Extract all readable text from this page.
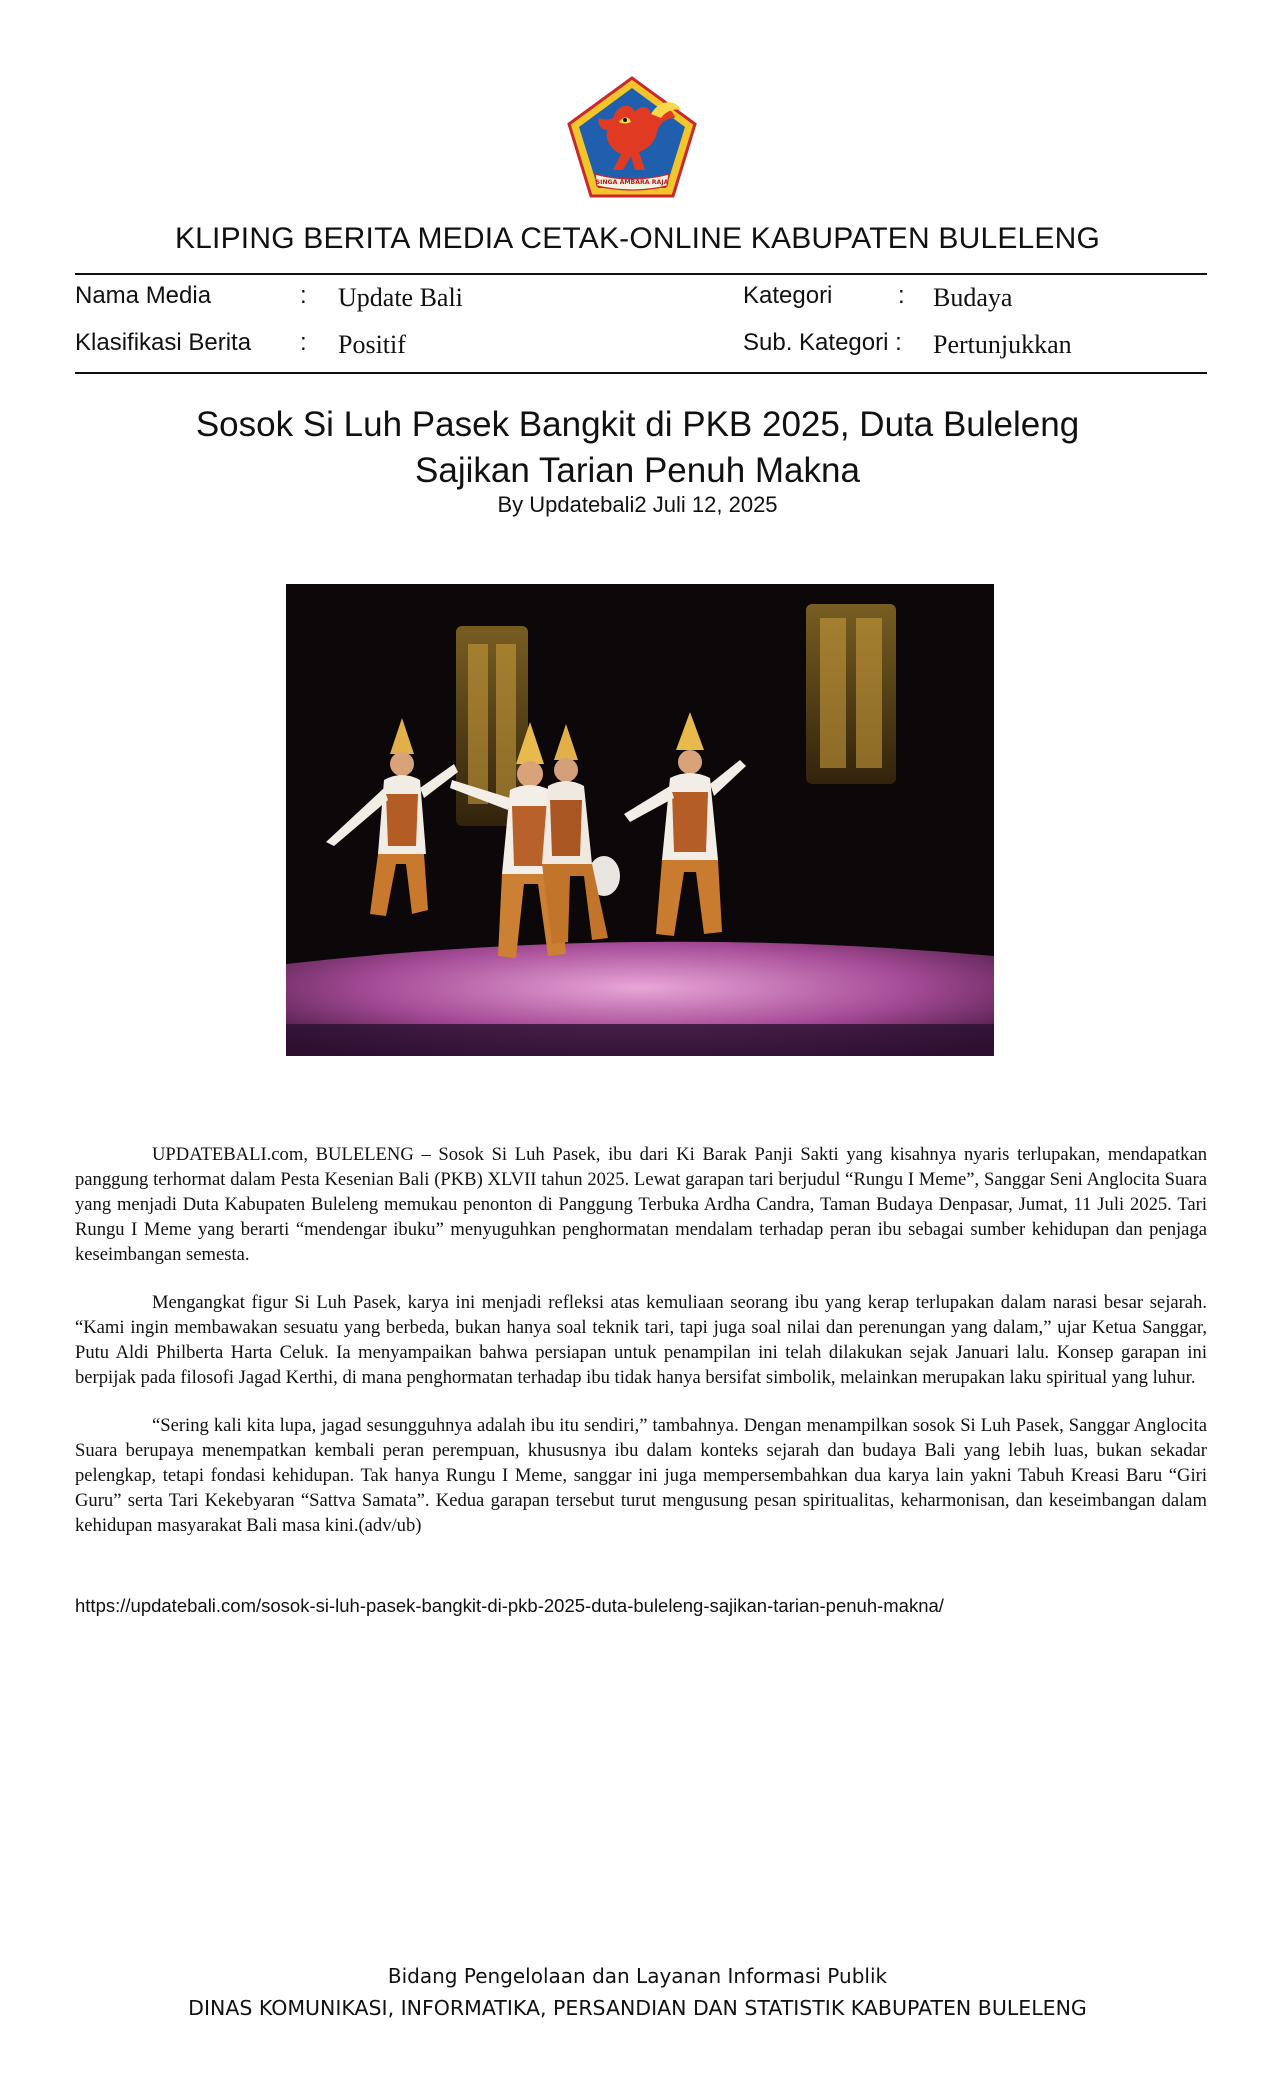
SINGA AMBARA RAJA
KLIPING BERITA MEDIA CETAK-ONLINE KABUPATEN BULELENG
Nama Media	: Update Bali	Kategori	: Budaya
Klasifikasi Berita : Positif	Sub. Kategori : Pertunjukkan
Sosok Si Luh Pasek Bangkit di PKB 2025, Duta Buleleng
Sajikan Tarian Penuh Makna
By Updatebali2 Juli 12, 2025

UPDATEBALI.com, BULELENG – Sosok Si Luh Pasek, ibu dari Ki Barak Panji Sakti yang kisahnya nyaris terlupakan, mendapatkan panggung terhormat dalam Pesta Kesenian Bali (PKB) XLVII tahun 2025. Lewat garapan tari berjudul “Rungu I Meme”, Sanggar Seni Anglocita Suara yang menjadi Duta Kabupaten Buleleng memukau penonton di Panggung Terbuka Ardha Candra, Taman Budaya Denpasar, Jumat, 11 Juli 2025. Tari Rungu I Meme yang berarti “mendengar ibuku” menyuguhkan penghormatan mendalam terhadap peran ibu sebagai sumber kehidupan dan penjaga keseimbangan semesta.

Mengangkat figur Si Luh Pasek, karya ini menjadi refleksi atas kemuliaan seorang ibu yang kerap terlupakan dalam narasi besar sejarah. “Kami ingin membawakan sesuatu yang berbeda, bukan hanya soal teknik tari, tapi juga soal nilai dan perenungan yang dalam,” ujar Ketua Sanggar, Putu Aldi Philberta Harta Celuk. Ia menyampaikan bahwa persiapan untuk penampilan ini telah dilakukan sejak Januari lalu. Konsep garapan ini berpijak pada filosofi Jagad Kerthi, di mana penghormatan terhadap ibu tidak hanya bersifat simbolik, melainkan merupakan laku spiritual yang luhur.

“Sering kali kita lupa, jagad sesungguhnya adalah ibu itu sendiri,” tambahnya. Dengan menampilkan sosok Si Luh Pasek, Sanggar Anglocita Suara berupaya menempatkan kembali peran perempuan, khususnya ibu dalam konteks sejarah dan budaya Bali yang lebih luas, bukan sekadar pelengkap, tetapi fondasi kehidupan. Tak hanya Rungu I Meme, sanggar ini juga mempersembahkan dua karya lain yakni Tabuh Kreasi Baru “Giri Guru” serta Tari Kekebyaran “Sattva Samata”. Kedua garapan tersebut turut mengusung pesan spiritualitas, keharmonisan, dan keseimbangan dalam kehidupan masyarakat Bali masa kini.(adv/ub)

https://updatebali.com/sosok-si-luh-pasek-bangkit-di-pkb-2025-duta-buleleng-sajikan-tarian-penuh-makna/
Bidang Pengelolaan dan Layanan Informasi Publik
DINAS KOMUNIKASI, INFORMATIKA, PERSANDIAN DAN STATISTIK KABUPATEN BULELENG
